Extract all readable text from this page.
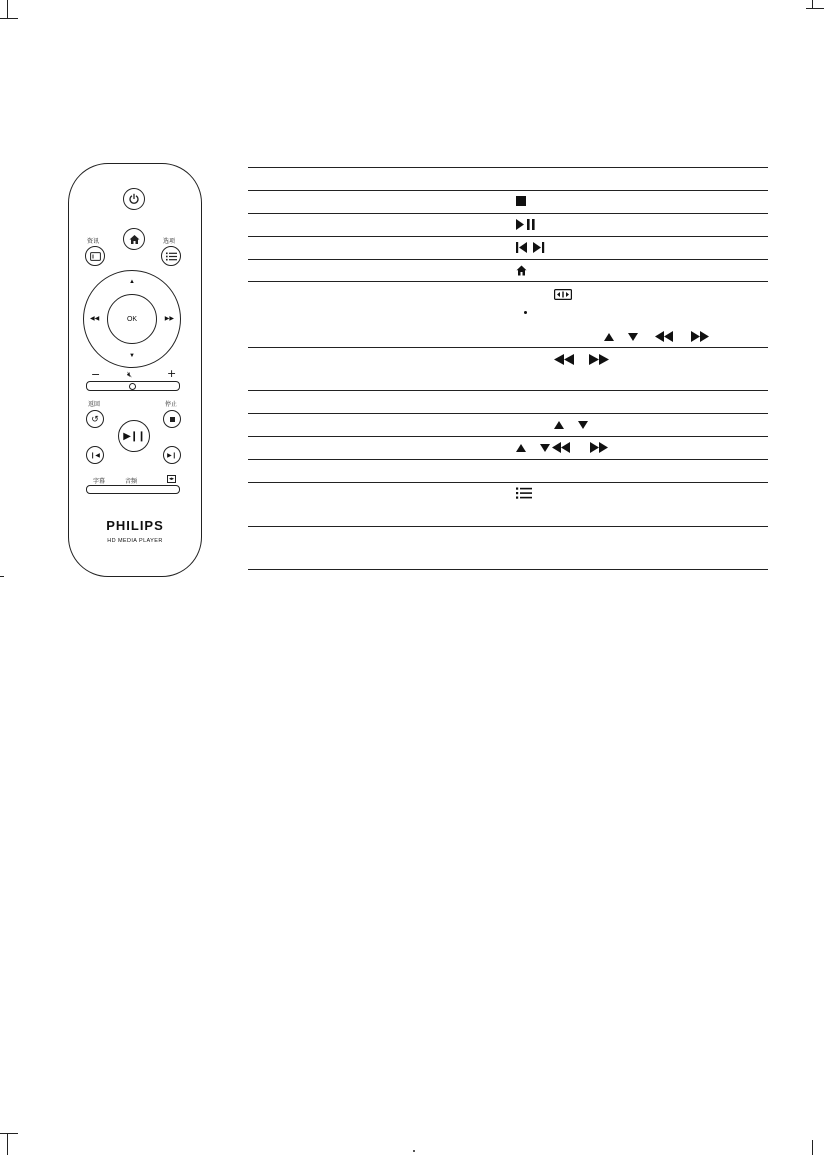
资讯	选项
▲
▼
◀◀	▶▶
OK
−	🔇︎	+
返回
↺
停止
▶❙❙
❙◀	▶❙
字幕	音频	◂▸
PHILIPS
HD MEDIA PLAYER
